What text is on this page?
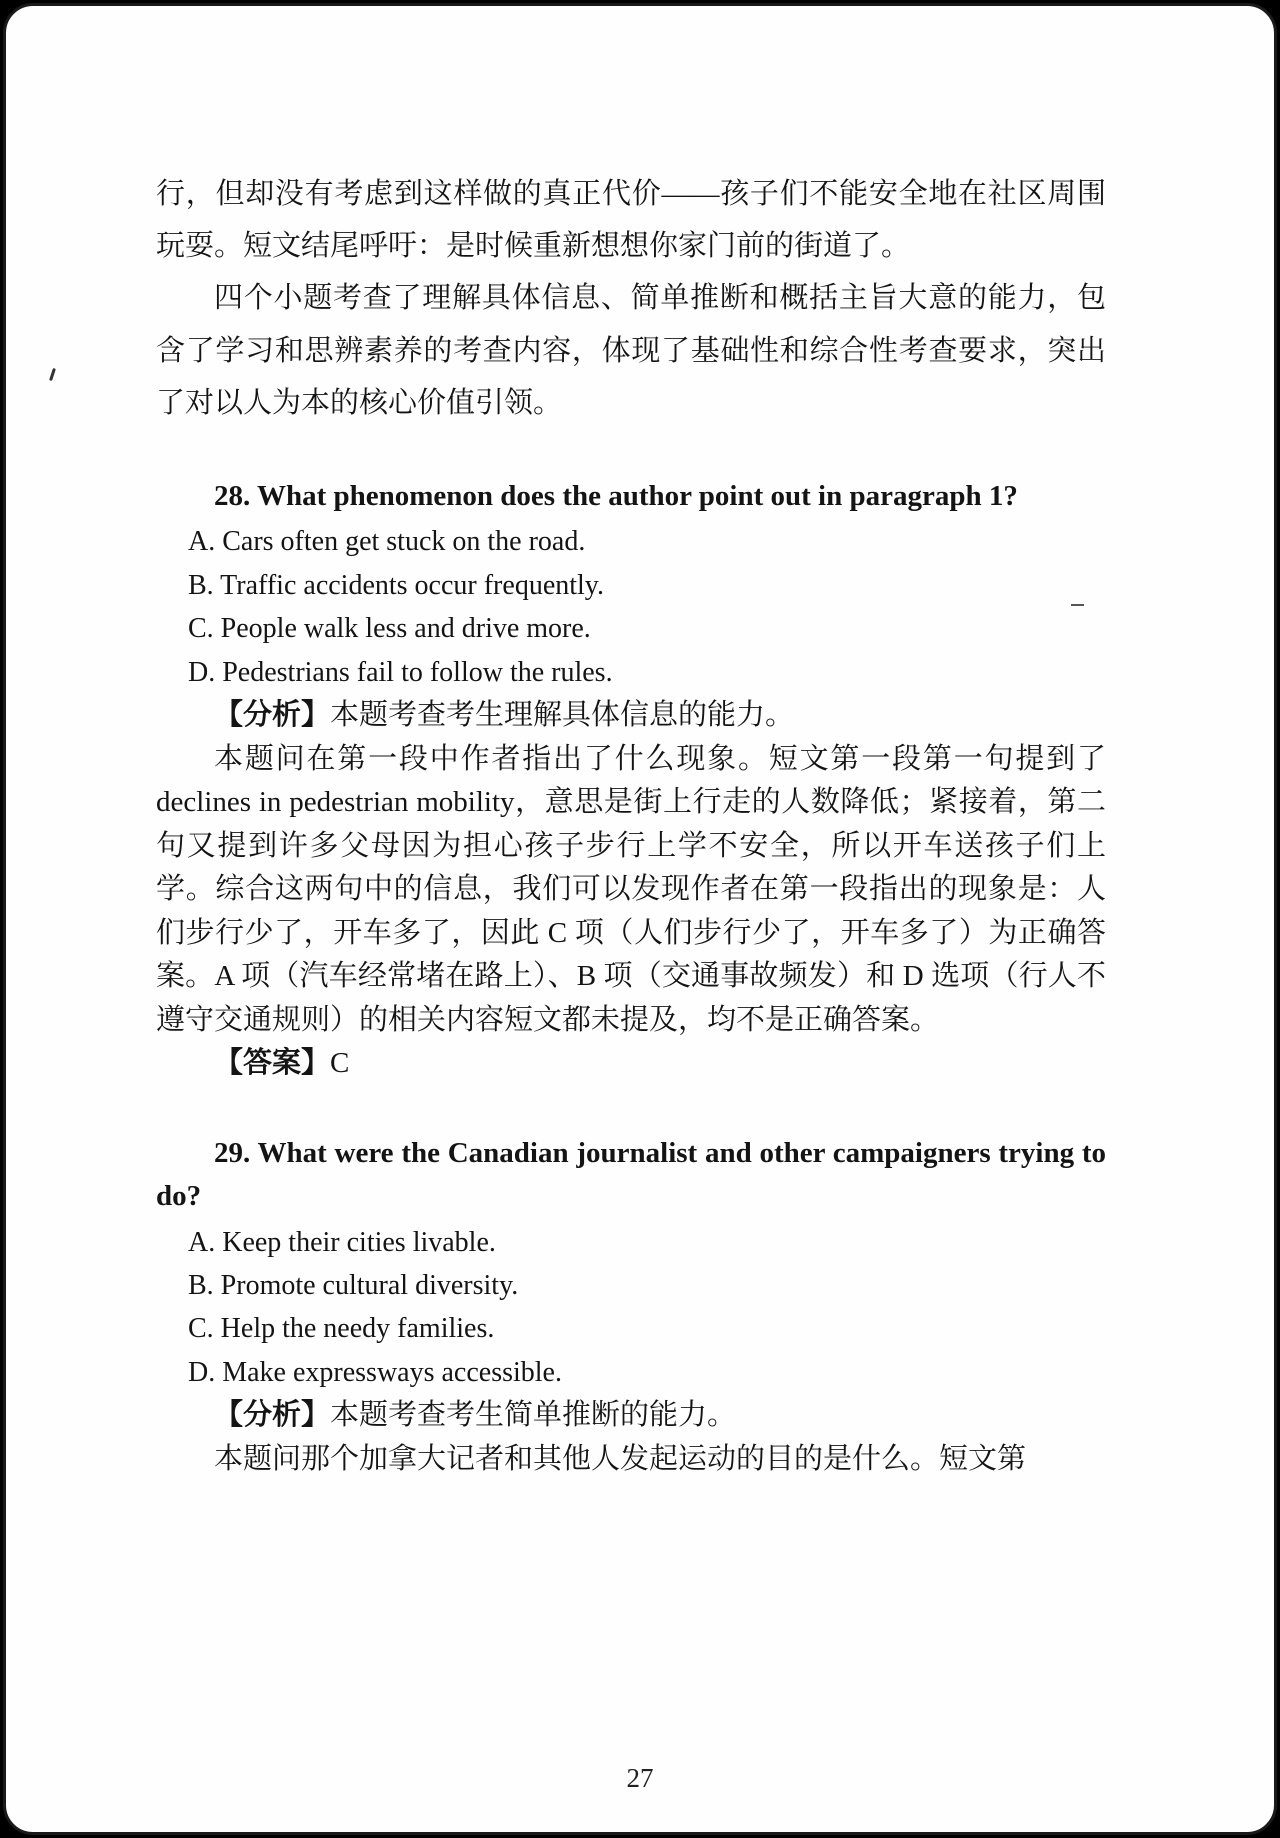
行，但却没有考虑到这样做的真正代价——孩子们不能安全地在社区周围玩耍。短文结尾呼吁：是时候重新想想你家门前的街道了。

四个小题考查了理解具体信息、简单推断和概括主旨大意的能力，包含了学习和思辨素养的考查内容，体现了基础性和综合性考查要求，突出了对以人为本的核心价值引领。

28. What phenomenon does the author point out in paragraph 1?

A. Cars often get stuck on the road.
B. Traffic accidents occur frequently.
C. People walk less and drive more.
D. Pedestrians fail to follow the rules.

【分析】本题考查考生理解具体信息的能力。

本题问在第一段中作者指出了什么现象。短文第一段第一句提到了 declines in pedestrian mobility，意思是街上行走的人数降低；紧接着，第二句又提到许多父母因为担心孩子步行上学不安全，所以开车送孩子们上学。综合这两句中的信息，我们可以发现作者在第一段指出的现象是：人们步行少了，开车多了，因此 C 项（人们步行少了，开车多了）为正确答案。A 项（汽车经常堵在路上）、B 项（交通事故频发）和 D 选项（行人不遵守交通规则）的相关内容短文都未提及，均不是正确答案。

【答案】C

29. What were the Canadian journalist and other campaigners trying to do?

A. Keep their cities livable.
B. Promote cultural diversity.
C. Help the needy families.
D. Make expressways accessible.

【分析】本题考查考生简单推断的能力。

本题问那个加拿大记者和其他人发起运动的目的是什么。短文第

27
